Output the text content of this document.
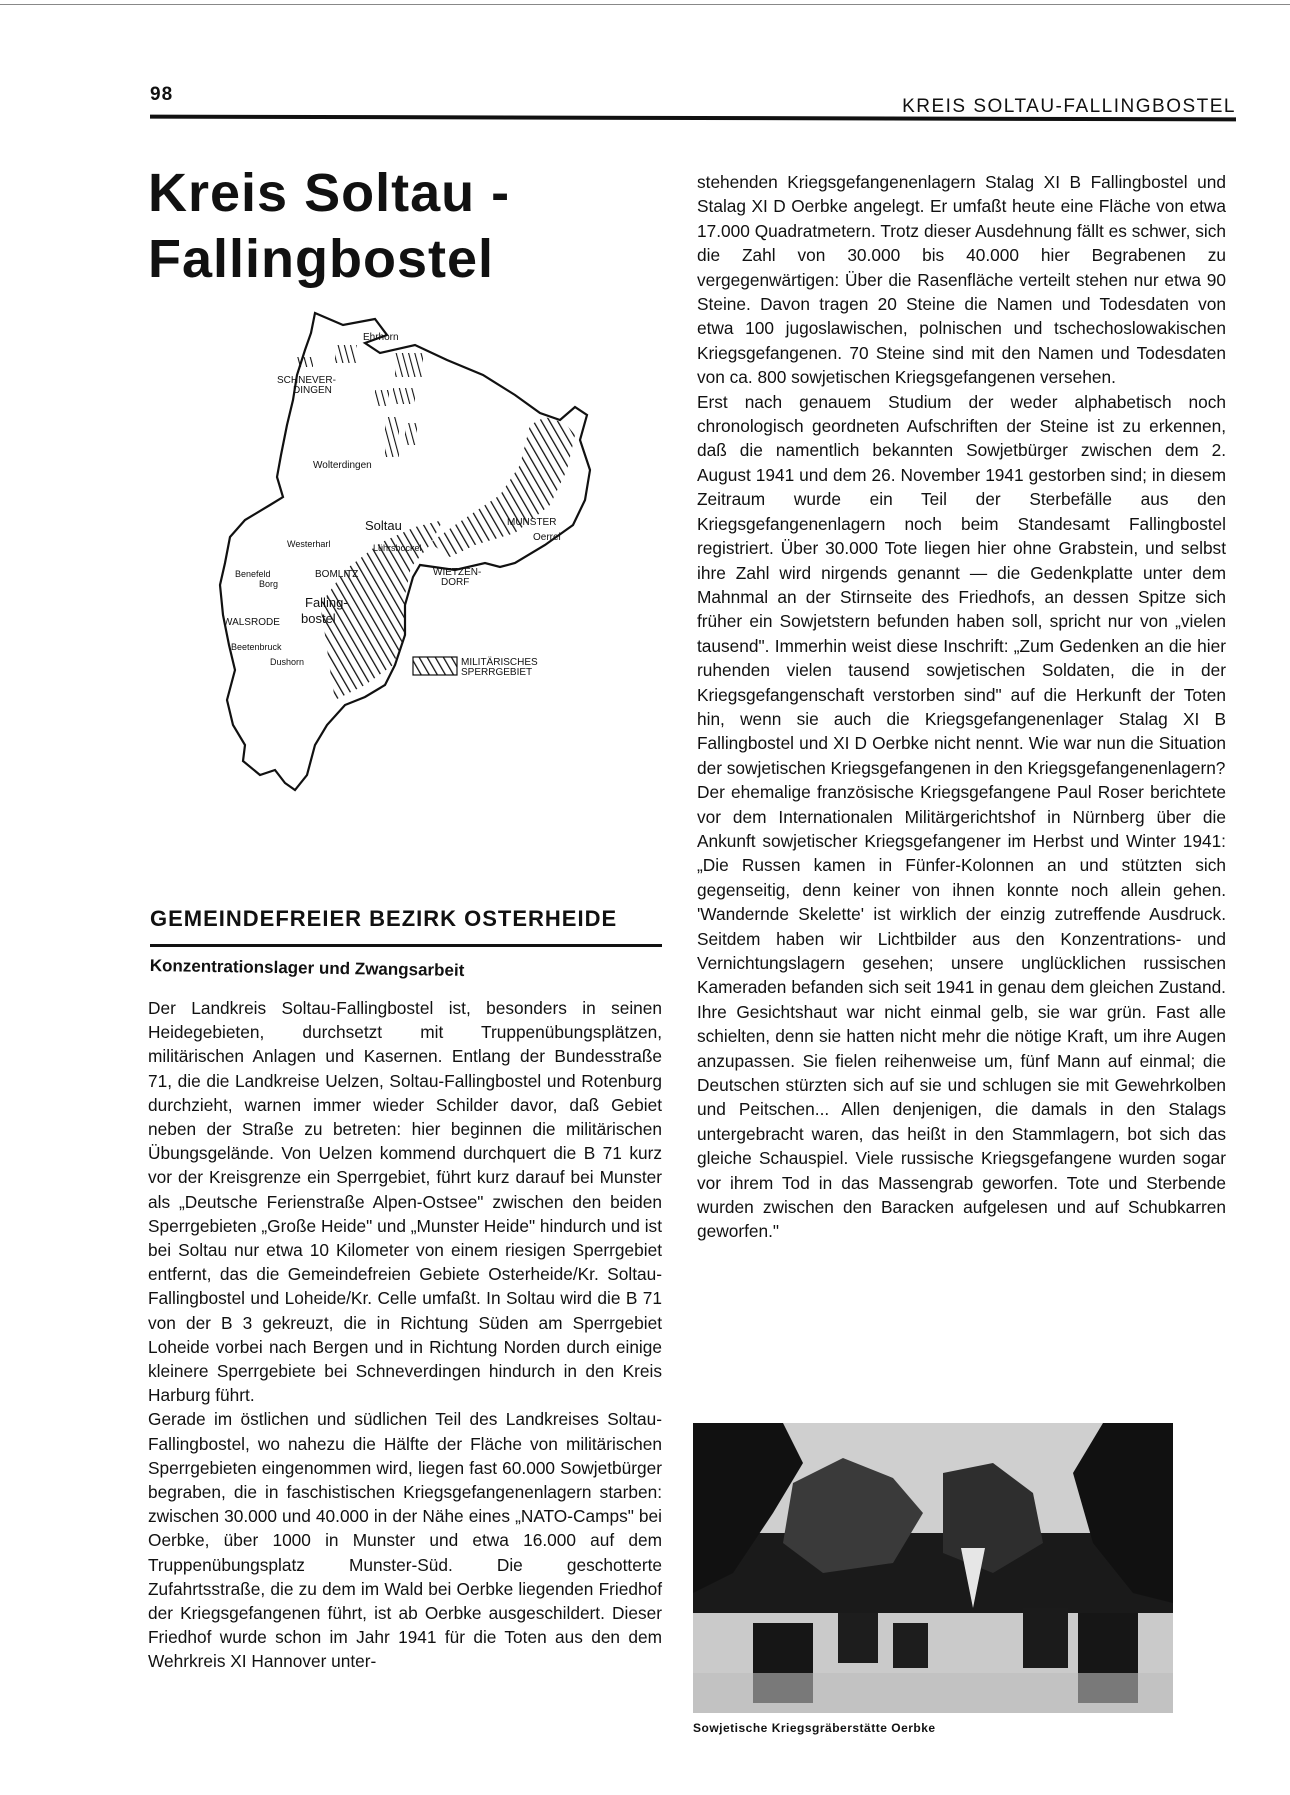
98
KREIS SOLTAU-FALLINGBOSTEL
Kreis Soltau -
Fallingbostel
Ehrhorn
SCHNEVER-
DINGEN
Wolterdingen
Soltau	MUNSTER
Oerrel
Lührsbockel
Westerharl
Benefeld
Borg
BOMLITZ	WIETZEN-
DORF
Falling-
bostel
WALSRODE
Beetenbruck
Dushorn	MILITÄRISCHES
SPERRGEBIET
GEMEINDEFREIER BEZIRK OSTERHEIDE
Konzentrationslager und Zwangsarbeit

Der Landkreis Soltau-Fallingbostel ist, besonders in seinen Heidegebieten, durchsetzt mit Truppenübungsplätzen, militärischen Anlagen und Kasernen. Entlang der Bundesstraße 71, die die Landkreise Uelzen, Soltau-Fallingbostel und Rotenburg durchzieht, warnen immer wieder Schilder davor, daß Gebiet neben der Straße zu betreten: hier beginnen die militärischen Übungsgelände. Von Uelzen kommend durchquert die B 71 kurz vor der Kreisgrenze ein Sperrgebiet, führt kurz darauf bei Munster als „Deutsche Ferienstraße Alpen-Ostsee" zwischen den beiden Sperrgebieten „Große Heide" und „Munster Heide" hindurch und ist bei Soltau nur etwa 10 Kilometer von einem riesigen Sperrgebiet entfernt, das die Gemeindefreien Gebiete Osterheide/Kr. Soltau-Fallingbostel und Loheide/Kr. Celle umfaßt. In Soltau wird die B 71 von der B 3 gekreuzt, die in Richtung Süden am Sperrgebiet Loheide vorbei nach Bergen und in Richtung Norden durch einige kleinere Sperrgebiete bei Schneverdingen hindurch in den Kreis Harburg führt.

Gerade im östlichen und südlichen Teil des Landkreises Soltau-Fallingbostel, wo nahezu die Hälfte der Fläche von militärischen Sperrgebieten eingenommen wird, liegen fast 60.000 Sowjetbürger begraben, die in faschistischen Kriegsgefangenenlagern starben: zwischen 30.000 und 40.000 in der Nähe eines „NATO-Camps" bei Oerbke, über 1000 in Munster und etwa 16.000 auf dem Truppenübungsplatz Munster-Süd. Die geschotterte Zufahrtsstraße, die zu dem im Wald bei Oerbke liegenden Friedhof der Kriegsgefangenen führt, ist ab Oerbke ausgeschildert. Dieser Friedhof wurde schon im Jahr 1941 für die Toten aus den dem Wehrkreis XI Hannover unter-

stehenden Kriegsgefangenenlagern Stalag XI B Fallingbostel und Stalag XI D Oerbke angelegt. Er umfaßt heute eine Fläche von etwa 17.000 Quadratmetern. Trotz dieser Ausdehnung fällt es schwer, sich die Zahl von 30.000 bis 40.000 hier Begrabenen zu vergegenwärtigen: Über die Rasenfläche verteilt stehen nur etwa 90 Steine. Davon tragen 20 Steine die Namen und Todesdaten von etwa 100 jugoslawischen, polnischen und tschechoslowakischen Kriegsgefangenen. 70 Steine sind mit den Namen und Todesdaten von ca. 800 sowjetischen Kriegsgefangenen versehen.

Erst nach genauem Studium der weder alphabetisch noch chronologisch geordneten Aufschriften der Steine ist zu erkennen, daß die namentlich bekannten Sowjetbürger zwischen dem 2. August 1941 und dem 26. November 1941 gestorben sind; in diesem Zeitraum wurde ein Teil der Sterbefälle aus den Kriegsgefangenenlagern noch beim Standesamt Fallingbostel registriert. Über 30.000 Tote liegen hier ohne Grabstein, und selbst ihre Zahl wird nirgends genannt — die Gedenkplatte unter dem Mahnmal an der Stirnseite des Friedhofs, an dessen Spitze sich früher ein Sowjetstern befunden haben soll, spricht nur von „vielen tausend". Immerhin weist diese Inschrift: „Zum Gedenken an die hier ruhenden vielen tausend sowjetischen Soldaten, die in der Kriegsgefangenschaft verstorben sind" auf die Herkunft der Toten hin, wenn sie auch die Kriegsgefangenenlager Stalag XI B Fallingbostel und XI D Oerbke nicht nennt. Wie war nun die Situation der sowjetischen Kriegsgefangenen in den Kriegsgefangenenlagern?

Der ehemalige französische Kriegsgefangene Paul Roser berichtete vor dem Internationalen Militärgerichtshof in Nürnberg über die Ankunft sowjetischer Kriegsgefangener im Herbst und Winter 1941: „Die Russen kamen in Fünfer-Kolonnen an und stützten sich gegenseitig, denn keiner von ihnen konnte noch allein gehen. 'Wandernde Skelette' ist wirklich der einzig zutreffende Ausdruck. Seitdem haben wir Lichtbilder aus den Konzentrations- und Vernichtungslagern gesehen; unsere unglücklichen russischen Kameraden befanden sich seit 1941 in genau dem gleichen Zustand. Ihre Gesichtshaut war nicht einmal gelb, sie war grün. Fast alle schielten, denn sie hatten nicht mehr die nötige Kraft, um ihre Augen anzupassen. Sie fielen reihenweise um, fünf Mann auf einmal; die Deutschen stürzten sich auf sie und schlugen sie mit Gewehrkolben und Peitschen... Allen denjenigen, die damals in den Stalags untergebracht waren, das heißt in den Stammlagern, bot sich das gleiche Schauspiel. Viele russische Kriegsgefangene wurden sogar vor ihrem Tod in das Massengrab geworfen. Tote und Sterbende wurden zwischen den Baracken aufgelesen und auf Schubkarren geworfen."

Sowjetische Kriegsgräberstätte Oerbke
